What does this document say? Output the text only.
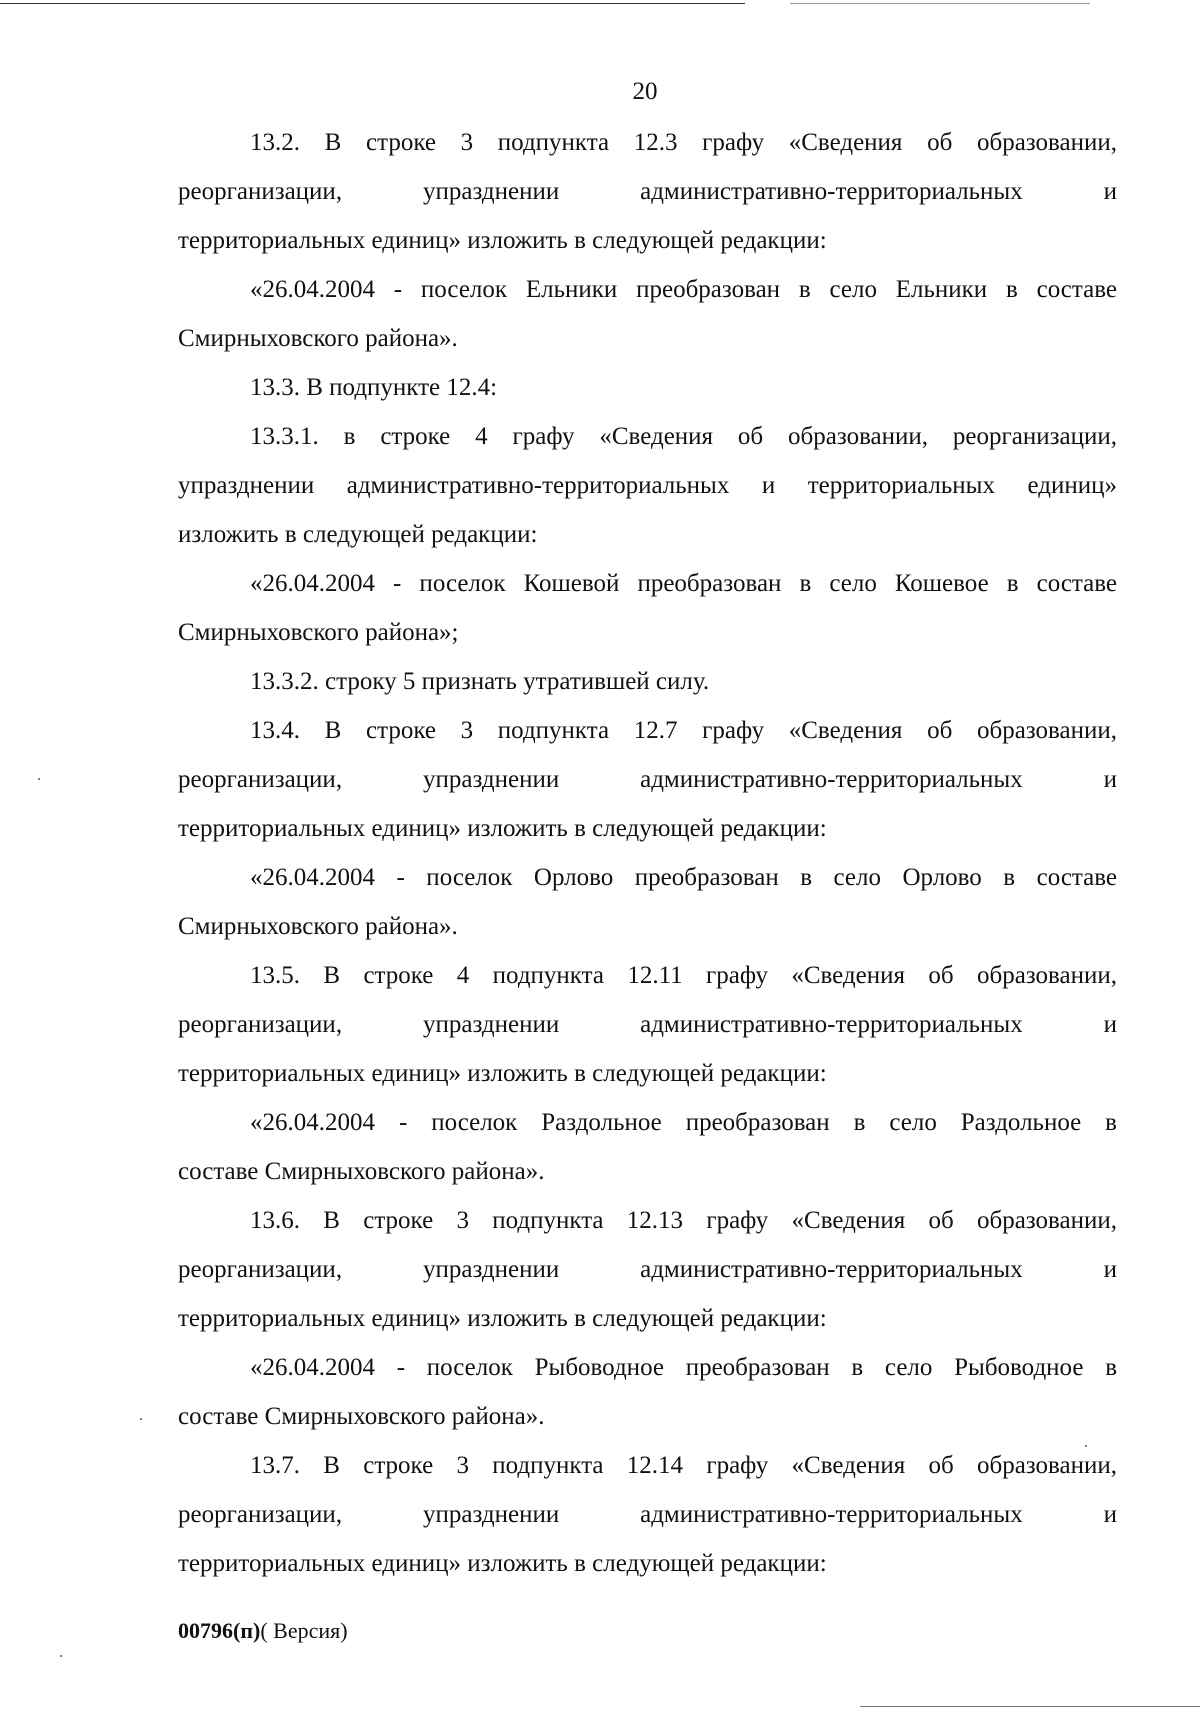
20
13.2. В строке 3 подпункта 12.3 графу «Сведения об образовании,
реорганизации, упразднении административно-территориальных и
территориальных единиц» изложить в следующей редакции:
«26.04.2004 - поселок Ельники преобразован в село Ельники в составе
Смирныховского района».
13.3. В подпункте 12.4:
13.3.1. в строке 4 графу «Сведения об образовании, реорганизации,
упразднении административно-территориальных и территориальных единиц»
изложить в следующей редакции:
«26.04.2004 - поселок Кошевой преобразован в село Кошевое в составе
Смирныховского района»;
13.3.2. строку 5 признать утратившей силу.
13.4. В строке 3 подпункта 12.7 графу «Сведения об образовании,
реорганизации, упразднении административно-территориальных и
территориальных единиц» изложить в следующей редакции:
«26.04.2004 - поселок Орлово преобразован в село Орлово в составе
Смирныховского района».
13.5. В строке 4 подпункта 12.11 графу «Сведения об образовании,
реорганизации, упразднении административно-территориальных и
территориальных единиц» изложить в следующей редакции:
«26.04.2004 - поселок Раздольное преобразован в село Раздольное в
составе Смирныховского района».
13.6. В строке 3 подпункта 12.13 графу «Сведения об образовании,
реорганизации, упразднении административно-территориальных и
территориальных единиц» изложить в следующей редакции:
«26.04.2004 - поселок Рыбоводное преобразован в село Рыбоводное в
составе Смирныховского района».
13.7. В строке 3 подпункта 12.14 графу «Сведения об образовании,
реорганизации, упразднении административно-территориальных и
территориальных единиц» изложить в следующей редакции:
00796(п)( Версия)
